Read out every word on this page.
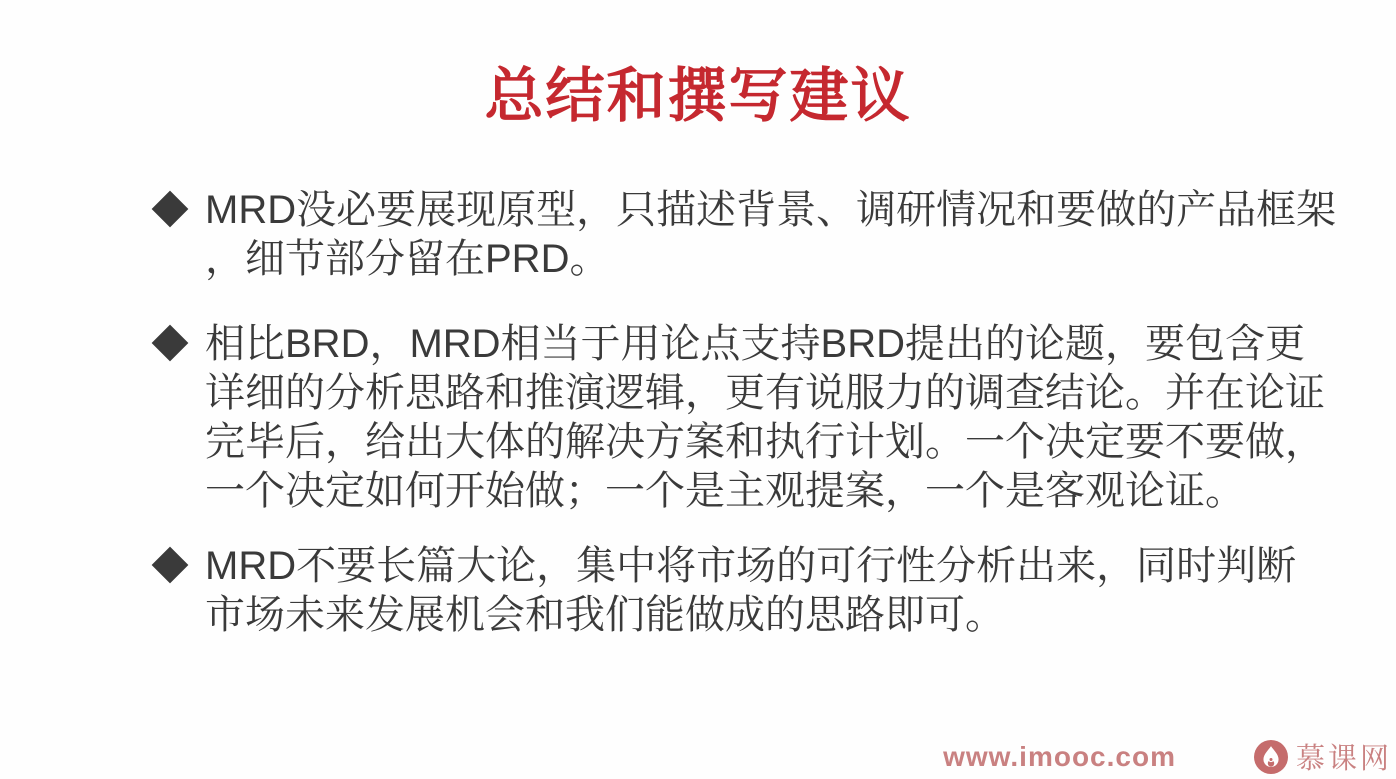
总结和撰写建议
MRD没必要展现原型，只描述背景、调研情况和要做的产品框架
，细节部分留在PRD。
相比BRD，MRD相当于用论点支持BRD提出的论题，要包含更
详细的分析思路和推演逻辑，更有说服力的调查结论。并在论证
完毕后，给出大体的解决方案和执行计划。一个决定要不要做，
一个决定如何开始做；一个是主观提案，一个是客观论证。
MRD不要长篇大论，集中将市场的可行性分析出来，同时判断
市场未来发展机会和我们能做成的思路即可。
www.imooc.com	慕课网
